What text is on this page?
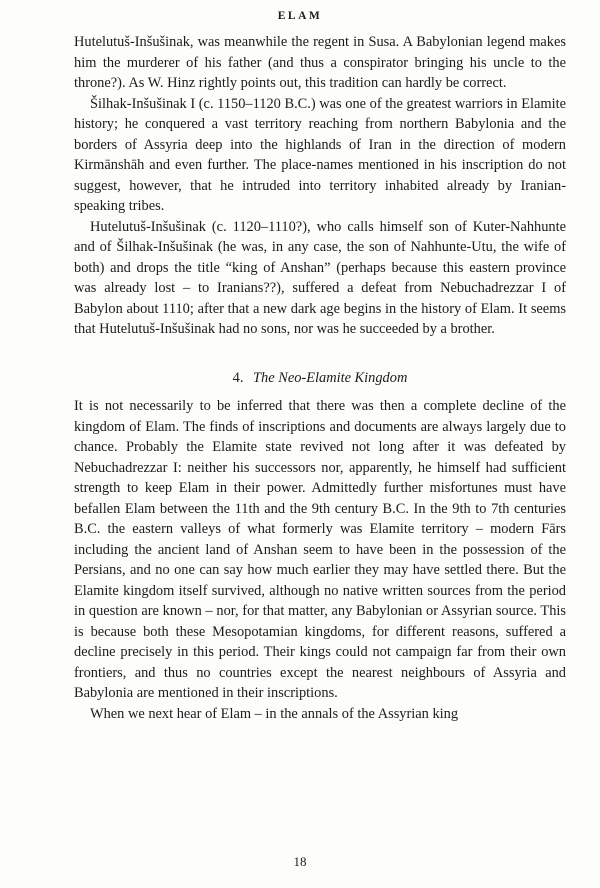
ELAM

Hutelutuš-Inšušinak, was meanwhile the regent in Susa. A Babylonian legend makes him the murderer of his father (and thus a conspirator bringing his uncle to the throne?). As W. Hinz rightly points out, this tradition can hardly be correct.

Šilhak-Inšušinak I (c. 1150–1120 B.C.) was one of the greatest warriors in Elamite history; he conquered a vast territory reaching from northern Babylonia and the borders of Assyria deep into the highlands of Iran in the direction of modern Kirmānshāh and even further. The place-names mentioned in his inscription do not suggest, however, that he intruded into territory inhabited already by Iranian-speaking tribes.

Hutelutuš-Inšušinak (c. 1120–1110?), who calls himself son of Kuter-Nahhunte and of Šilhak-Inšušinak (he was, in any case, the son of Nahhunte-Utu, the wife of both) and drops the title “king of Anshan” (perhaps because this eastern province was already lost – to Iranians??), suffered a defeat from Nebuchadrezzar I of Babylon about 1110; after that a new dark age begins in the history of Elam. It seems that Hutelutuš-Inšušinak had no sons, nor was he succeeded by a brother.

4. The Neo-Elamite Kingdom

It is not necessarily to be inferred that there was then a complete decline of the kingdom of Elam. The finds of inscriptions and documents are always largely due to chance. Probably the Elamite state revived not long after it was defeated by Nebuchadrezzar I: neither his successors nor, apparently, he himself had sufficient strength to keep Elam in their power. Admittedly further misfortunes must have befallen Elam between the 11th and the 9th century B.C. In the 9th to 7th centuries B.C. the eastern valleys of what formerly was Elamite territory – modern Fārs including the ancient land of Anshan seem to have been in the possession of the Persians, and no one can say how much earlier they may have settled there. But the Elamite kingdom itself survived, although no native written sources from the period in question are known – nor, for that matter, any Babylonian or Assyrian source. This is because both these Mesopotamian kingdoms, for different reasons, suffered a decline precisely in this period. Their kings could not campaign far from their own frontiers, and thus no countries except the nearest neighbours of Assyria and Babylonia are mentioned in their inscriptions.

When we next hear of Elam – in the annals of the Assyrian king

18
